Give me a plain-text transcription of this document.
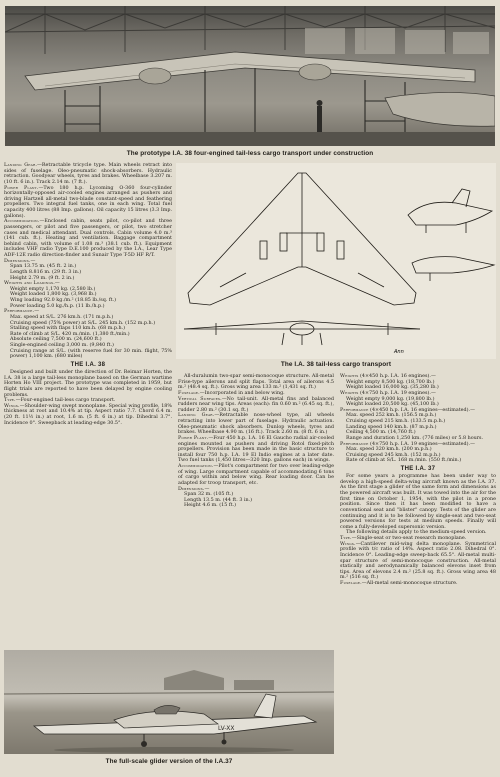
The prototype I.A. 38 four-engined tail-less cargo transport under construction

Landing Gear.—Retractable tricycle type. Main wheels retract into sides of fuselage. Oleo-pneumatic shock-absorbers. Hydraulic retraction. Goodyear wheels, tyres and brakes. Wheelbase 3.207 m. (10 ft. 6 in.). Track 2.14 m. (7 ft.).

Power Plant.—Two 180 h.p. Lycoming O-360 four-cylinder horizontally-opposed air-cooled engines arranged as pushers and driving Hartzell all-metal two-blade constant-speed and feathering propellers. Two integral fuel tanks, one in each wing. Total fuel capacity 400 litres (88 Imp. gallons). Oil capacity 15 litres (3.3 Imp. gallons).

Accommodation.—Enclosed cabin, seats pilot, co-pilot and three passengers, or pilot and five passengers, or pilot, two stretcher cases and medical attendant. Dual controls. Cabin volume 4.0 m.³ (141 cub. ft.). Heating and ventilation. Baggage compartment behind cabin, with volume of 1.08 m.³ (38.1 cub. ft.). Equipment includes VHF radio Type D.E.100 produced by the I.A., Lear Type ADF-12E radio direction-finder and Sunair Type T-5D HF R/T.

Dimensions.—

Span 13.75 m. (45 ft. 2 in.)

Length 8.816 m. (29 ft. 3 in.)

Height 2.79 m. (9 ft. 2 in.)

Weights and Loadings.—

Weight empty 1,170 kg. (2,580 lb.)

Weight loaded 1,800 kg. (3,968 lb.)

Wing loading 92.0 kg./m.² (18.85 lb./sq. ft.)

Power loading 5.0 kg./h.p. (11 lb./h.p.)

Performance.—

Max. speed at S/L. 276 km.h. (171 m.p.h.)

Cruising speed (75% power) at S/L. 245 km.h. (152 m.p.h.)

Stalling speed with flaps 110 km.h. (68 m.p.h.)

Rate of climb at S/L. 420 m./min. (1,380 ft./min.)

Absolute ceiling 7,500 m. (24,600 ft.)

Single-engined ceiling 3,000 m. (9,840 ft.)

Cruising range at S/L. (with reserve fuel for 30 min. flight, 75% power) 1,100 km. (680 miles)

THE I.A. 38

Designed and built under the direction of Dr. Reimar Horten, the I.A. 38 is a large tail-less monoplane based on the German wartime Horten Ho VIII project. The prototype was completed in 1959, but flight trials are reported to have been delayed by engine cooling problems.

Type.—Four-engined tail-less cargo transport.

Wings.—Shoulder-wing swept monoplane. Special wing profile, 18% thickness at root and 10.4% at tip. Aspect ratio 7.7. Chord 6.4 m. (20 ft. 11½ in.) at root, 1.6 m. (5 ft. 6 in.) at tip. Dihedral 3.7°. Incidence 0°. Sweepback at leading-edge 30.5°.

Ann
The I.A. 38 tail-less cargo transport

All-duralumin two-spar semi-monocoque structure. All-metal Frise-type ailerons and split flaps. Total area of ailerons 4.5 m.² (48.4 sq. ft.). Gross wing area 133 m.² (1,431 sq. ft.)

Fuselage.—Incorporated in and below wing.

Vertical Surfaces.—No tail-unit. All-metal fins and balanced rudders near wing tips. Areas (each): fin 0.60 m.² (6.45 sq. ft.), rudder 2.80 m.² (30.1 sq. ft.)

Landing Gear.—Retractable nose-wheel type, all wheels retracting into lower part of fuselage. Hydraulic actuation. Oleo-pneumatic shock absorbers. Dunlop wheels, tyres and brakes. Wheelbase 4.90 m. (16 ft.). Track 2.60 m. (8 ft. 6 in.)

Power Plant.—Four 450 h.p. I.A. 16 El Gaucho radial air-cooled engines mounted as pushers and driving Rotol fixed-pitch propellers. Provision has been made in the basic structure to install four 750 h.p. I.A. 19 El Indio engines at a later date. Two fuel tanks (1,450 litres—320 Imp. gallons each) in wings.

Accommodation.—Pilot's compartment for two over leading-edge of wing. Large compartment capable of accommodating 6 tons of cargo within and below wing. Rear loading door. Can be adapted for troop transport, etc.

Dimensions.—

Span 32 m. (105 ft.)

Length 13.5 m. (44 ft. 3 in.)

Height 4.6 m. (15 ft.)

Weights (4×450 h.p. I.A. 16 engines).—

Weight empty 8,500 kg. (18,700 lb.)

Weight loaded 16,000 kg. (35,280 lb.)

Weights (4×750 h.p. I.A. 19 engines).—

Weight empty 9,000 kg. (19,800 lb.)

Weight loaded 20,500 kg. (45,100 lb.)

Performance (4×450 h.p. I.A. 16 engines—estimated).—

Max. speed 252 km.h. (156.5 m.p.h.)

Cruising speed 215 km.h. (133.5 m.p.h.)

Landing speed 140 km.h. (87 m.p.h.)

Ceiling 4,500 m. (14,760 ft.)

Range and duration 1,250 km. (776 miles) or 5.8 hours.

Performance (4×750 h.p. I.A. 19 engines—estimated).—

Max. speed 320 km.h. (200 m.p.h.)

Cruising speed 245 km.h. (152 m.p.h.)

Rate of climb at S/L. 168 m./min. (550 ft./min.)

THE I.A. 37

For some years a programme has been under way to develop a high-speed delta-wing aircraft known as the I.A. 37. As the first stage a glider of the same form and dimensions as the powered aircraft was built. It was towed into the air for the first time on October 1, 1954, with the pilot in a prone position. Since then it has been modified to have a conventional seat and "blister" canopy. Tests of the glider are continuing and it is to be followed by single-seat and two-seat powered versions for tests at medium speeds. Finally will come a fully-developed supersonic version.

The following details apply to the medium-speed version.

Type.—Single-seat or two-seat research monoplane.

Wings.—Cantilever mid-wing delta monoplane. Symmetrical profile with t/c ratio of 14%. Aspect ratio 2.08. Dihedral 0°. Incidence 0°. Leading-edge sweep-back 65.5°. All-metal multi-spar structure of semi-monocoque construction. All-metal statically and aerodynamically balanced elevons inset from tips. Area of elevons 2.4 m.² (25.8 sq. ft.). Gross wing area 48 m.² (516 sq. ft.)

Fuselage.—All-metal semi-monocoque structure.

LV-XX
The full-scale glider version of the I.A.37
